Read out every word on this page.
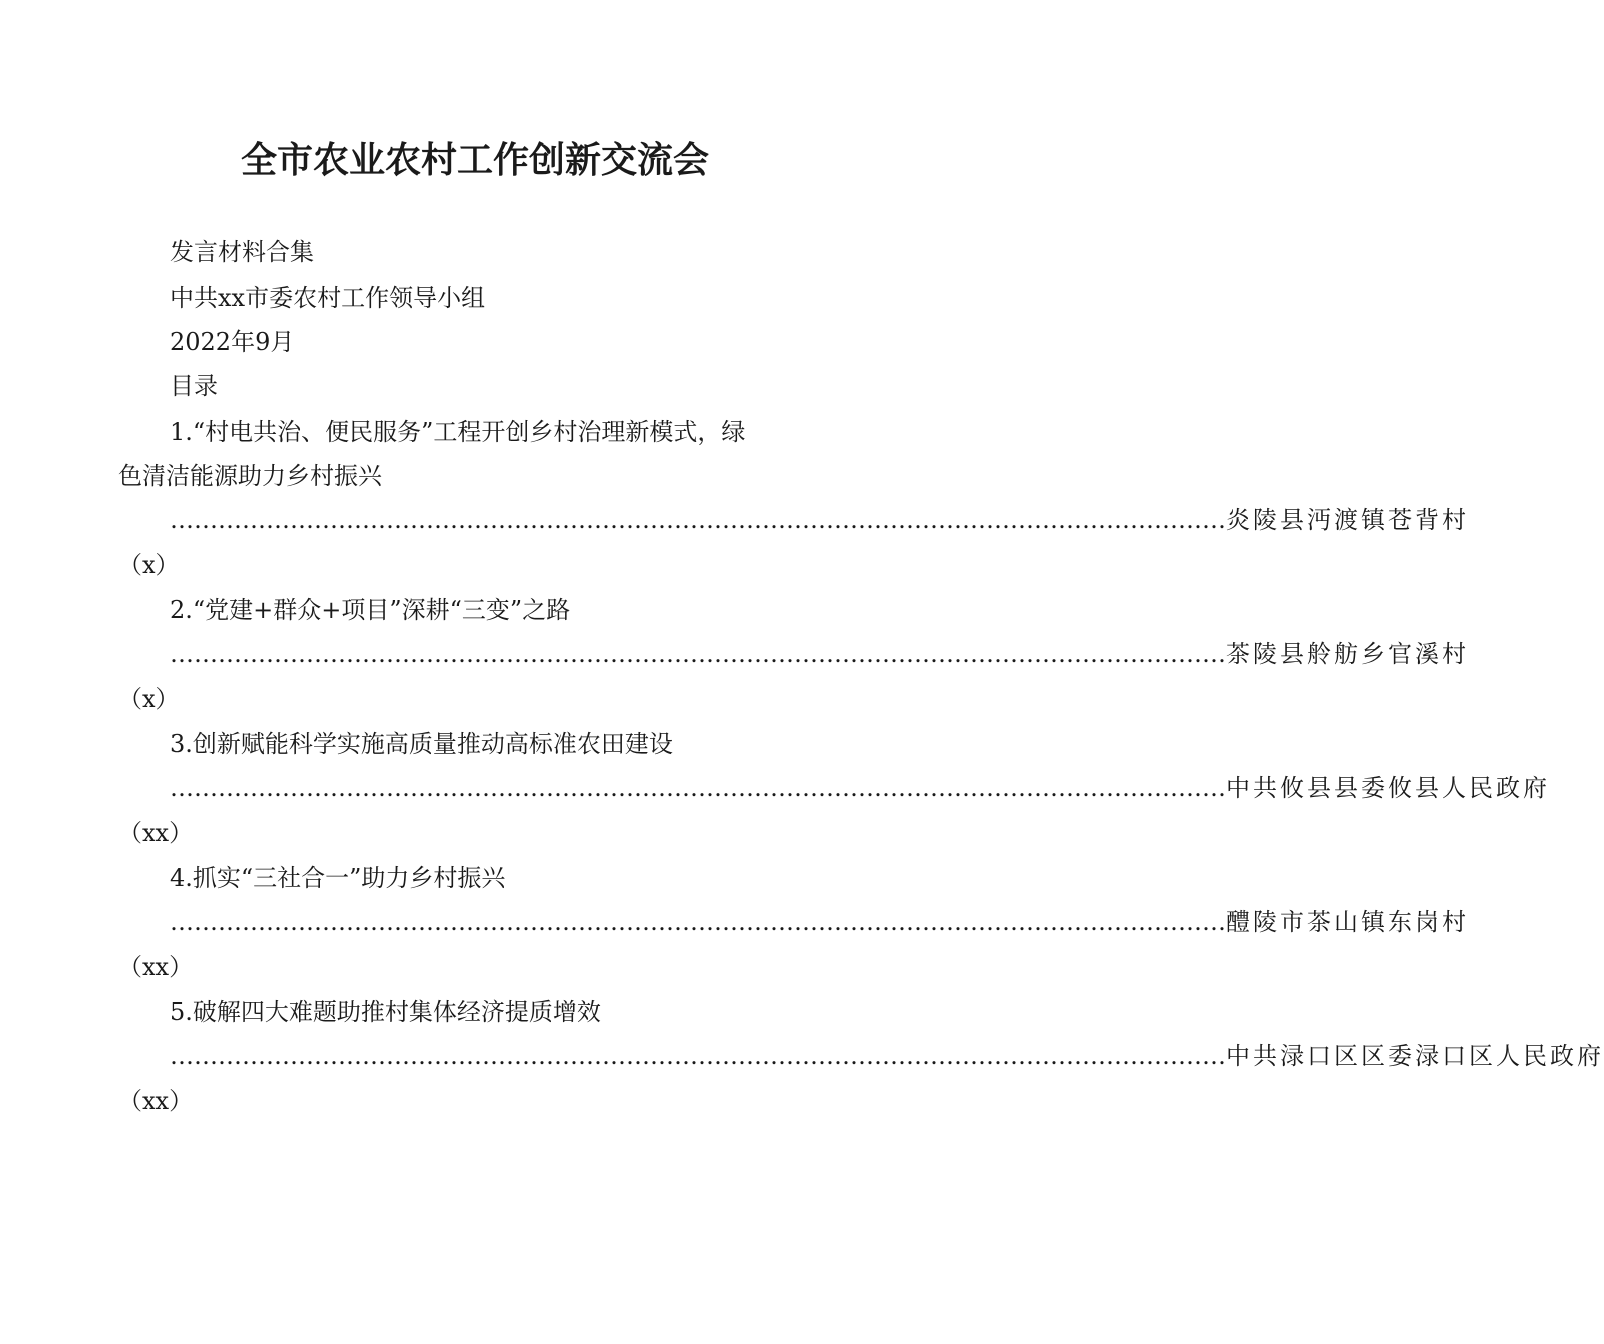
全市农业农村工作创新交流会
发言材料合集
中共xx市委农村工作领导小组
2022年9月
目录
1.“村电共治、便民服务”工程开创乡村治理新模式，绿
色清洁能源助力乡村振兴
…………………………………………………………………………………………………………………… 炎陵县沔渡镇苍背村
（x）
2.“党建+群众+项目”深耕“三变”之路
…………………………………………………………………………………………………………………… 茶陵县舲舫乡官溪村
（x）
3.创新赋能科学实施高质量推动高标准农田建设
…………………………………………………………………………………………………………………… 中共攸县县委攸县人民政府
（xx）
4.抓实“三社合一”助力乡村振兴
…………………………………………………………………………………………………………………… 醴陵市茶山镇东岗村
（xx）
5.破解四大难题助推村集体经济提质增效
…………………………………………………………………………………………………………………… 中共渌口区区委渌口区人民政府
（xx）
